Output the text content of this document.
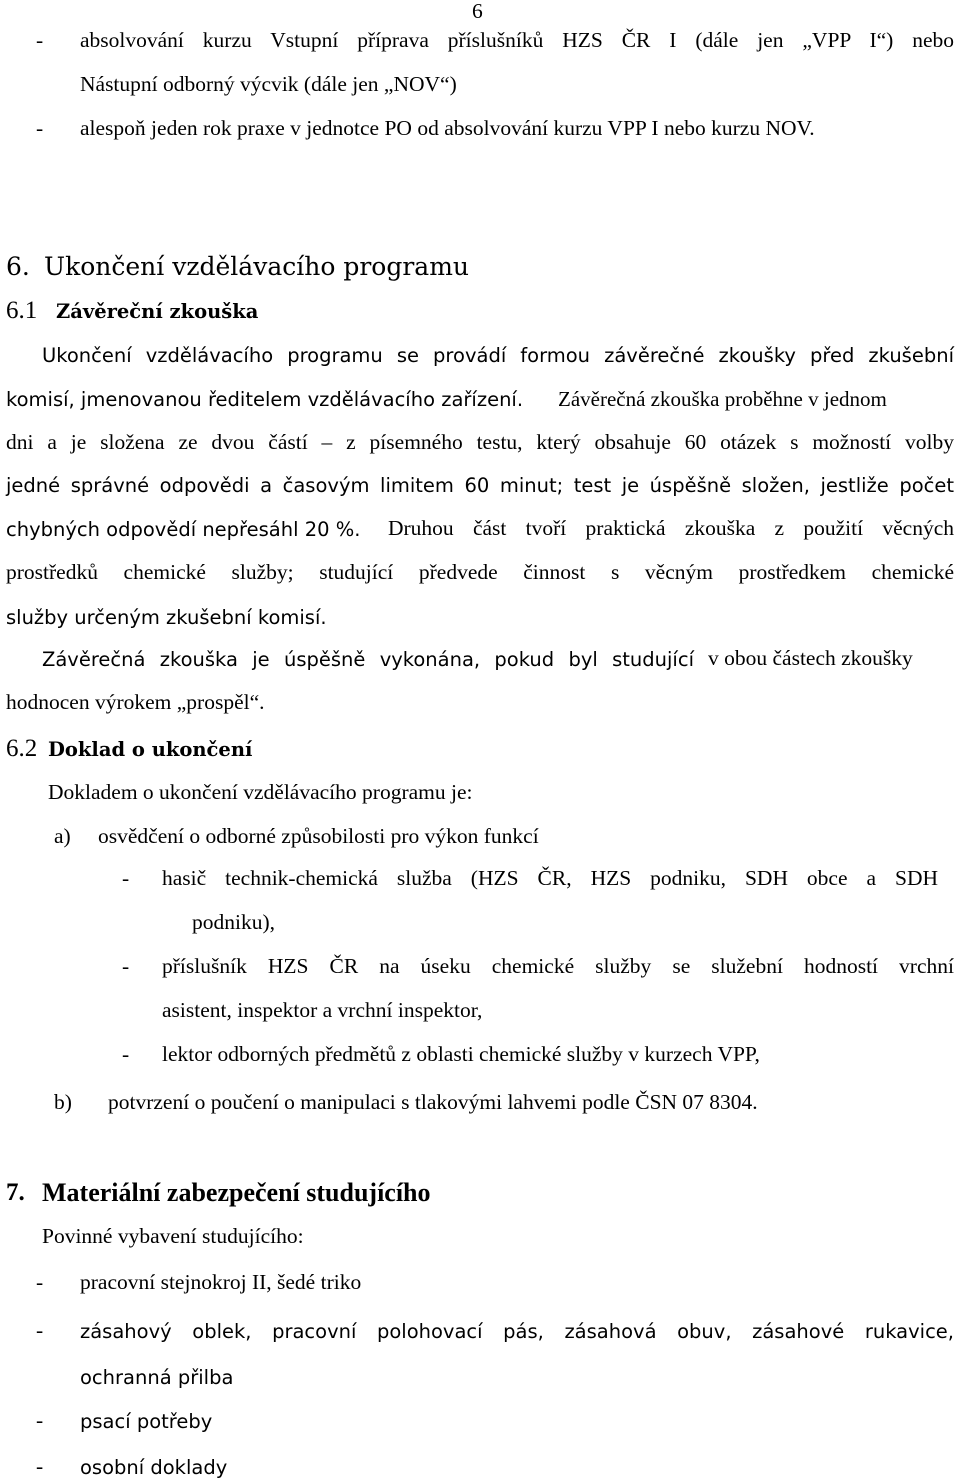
6
- absolvování kurzu Vstupní příprava příslušníků HZS ČR I (dále jen „VPP I“) nebo
Nástupní odborný výcvik (dále jen „NOV“)
- alespoň jeden rok praxe v jednotce PO od absolvování kurzu VPP I nebo kurzu NOV.
6. Ukončení vzdělávacího programu
6.1 Závěreční zkouška
Ukončení vzdělávacího programu se provádí formou závěrečné zkoušky před zkušební
komisí, jmenovanou ředitelem vzdělávacího zařízení. Závěrečná zkouška proběhne v jednom
dni a je složena ze dvou částí – z písemného testu, který obsahuje 60 otázek s možností volby
jedné správné odpovědi a časovým limitem 60 minut; test je úspěšně složen, jestliže počet
chybných odpovědí nepřesáhl 20 %. Druhou část tvoří praktická zkouška z použití věcných
prostředků chemické služby; studující předvede činnost s věcným prostředkem chemické
služby určeným zkušební komisí.
Závěrečná zkouška je úspěšně vykonána, pokud byl studující v obou částech zkoušky
hodnocen výrokem „prospěl“.
6.2 Doklad o ukončení
Dokladem o ukončení vzdělávacího programu je:
a) osvědčení o odborné způsobilosti pro výkon funkcí
- hasič technik-chemická služba (HZS ČR, HZS podniku, SDH obce a SDH
podniku),
- příslušník HZS ČR na úseku chemické služby se služební hodností vrchní
asistent, inspektor a vrchní inspektor,
- lektor odborných předmětů z oblasti chemické služby v kurzech VPP,
b) potvrzení o poučení o manipulaci s tlakovými lahvemi podle ČSN 07 8304.
7. Materiální zabezpečení studujícího
Povinné vybavení studujícího:
- pracovní stejnokroj II, šedé triko
- zásahový oblek, pracovní polohovací pás, zásahová obuv, zásahové rukavice,
ochranná přilba
- psací potřeby
- osobní doklady
